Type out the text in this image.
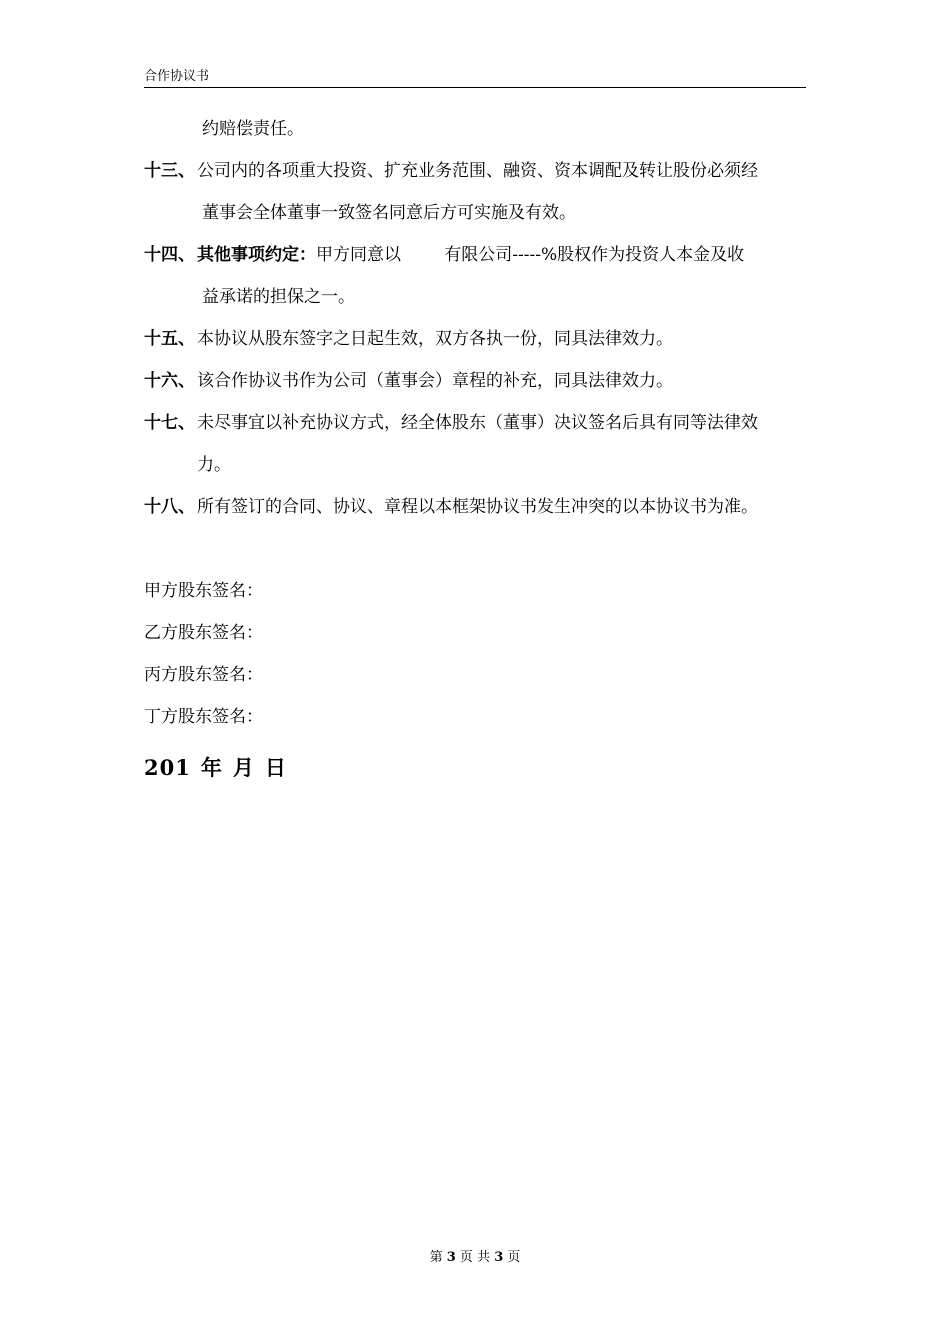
合作协议书
约赔偿责任。
十三、 公司内的各项重大投资、扩充业务范围、融资、资本调配及转让股份必须经
董事会全体董事一致签名同意后方可实施及有效。
十四、 其他事项约定：甲方同意以        有限公司-----%股权作为投资人本金及收
益承诺的担保之一。
十五、 本协议从股东签字之日起生效，双方各执一份，同具法律效力。
十六、 该合作协议书作为公司（董事会）章程的补充，同具法律效力。
十七、 未尽事宜以补充协议方式，经全体股东（董事）决议签名后具有同等法律效
力。
十八、 所有签订的合同、协议、章程以本框架协议书发生冲突的以本协议书为准。
甲方股东签名：
乙方股东签名：
丙方股东签名：
丁方股东签名：
201 年 月 日
第 3 页 共 3 页
